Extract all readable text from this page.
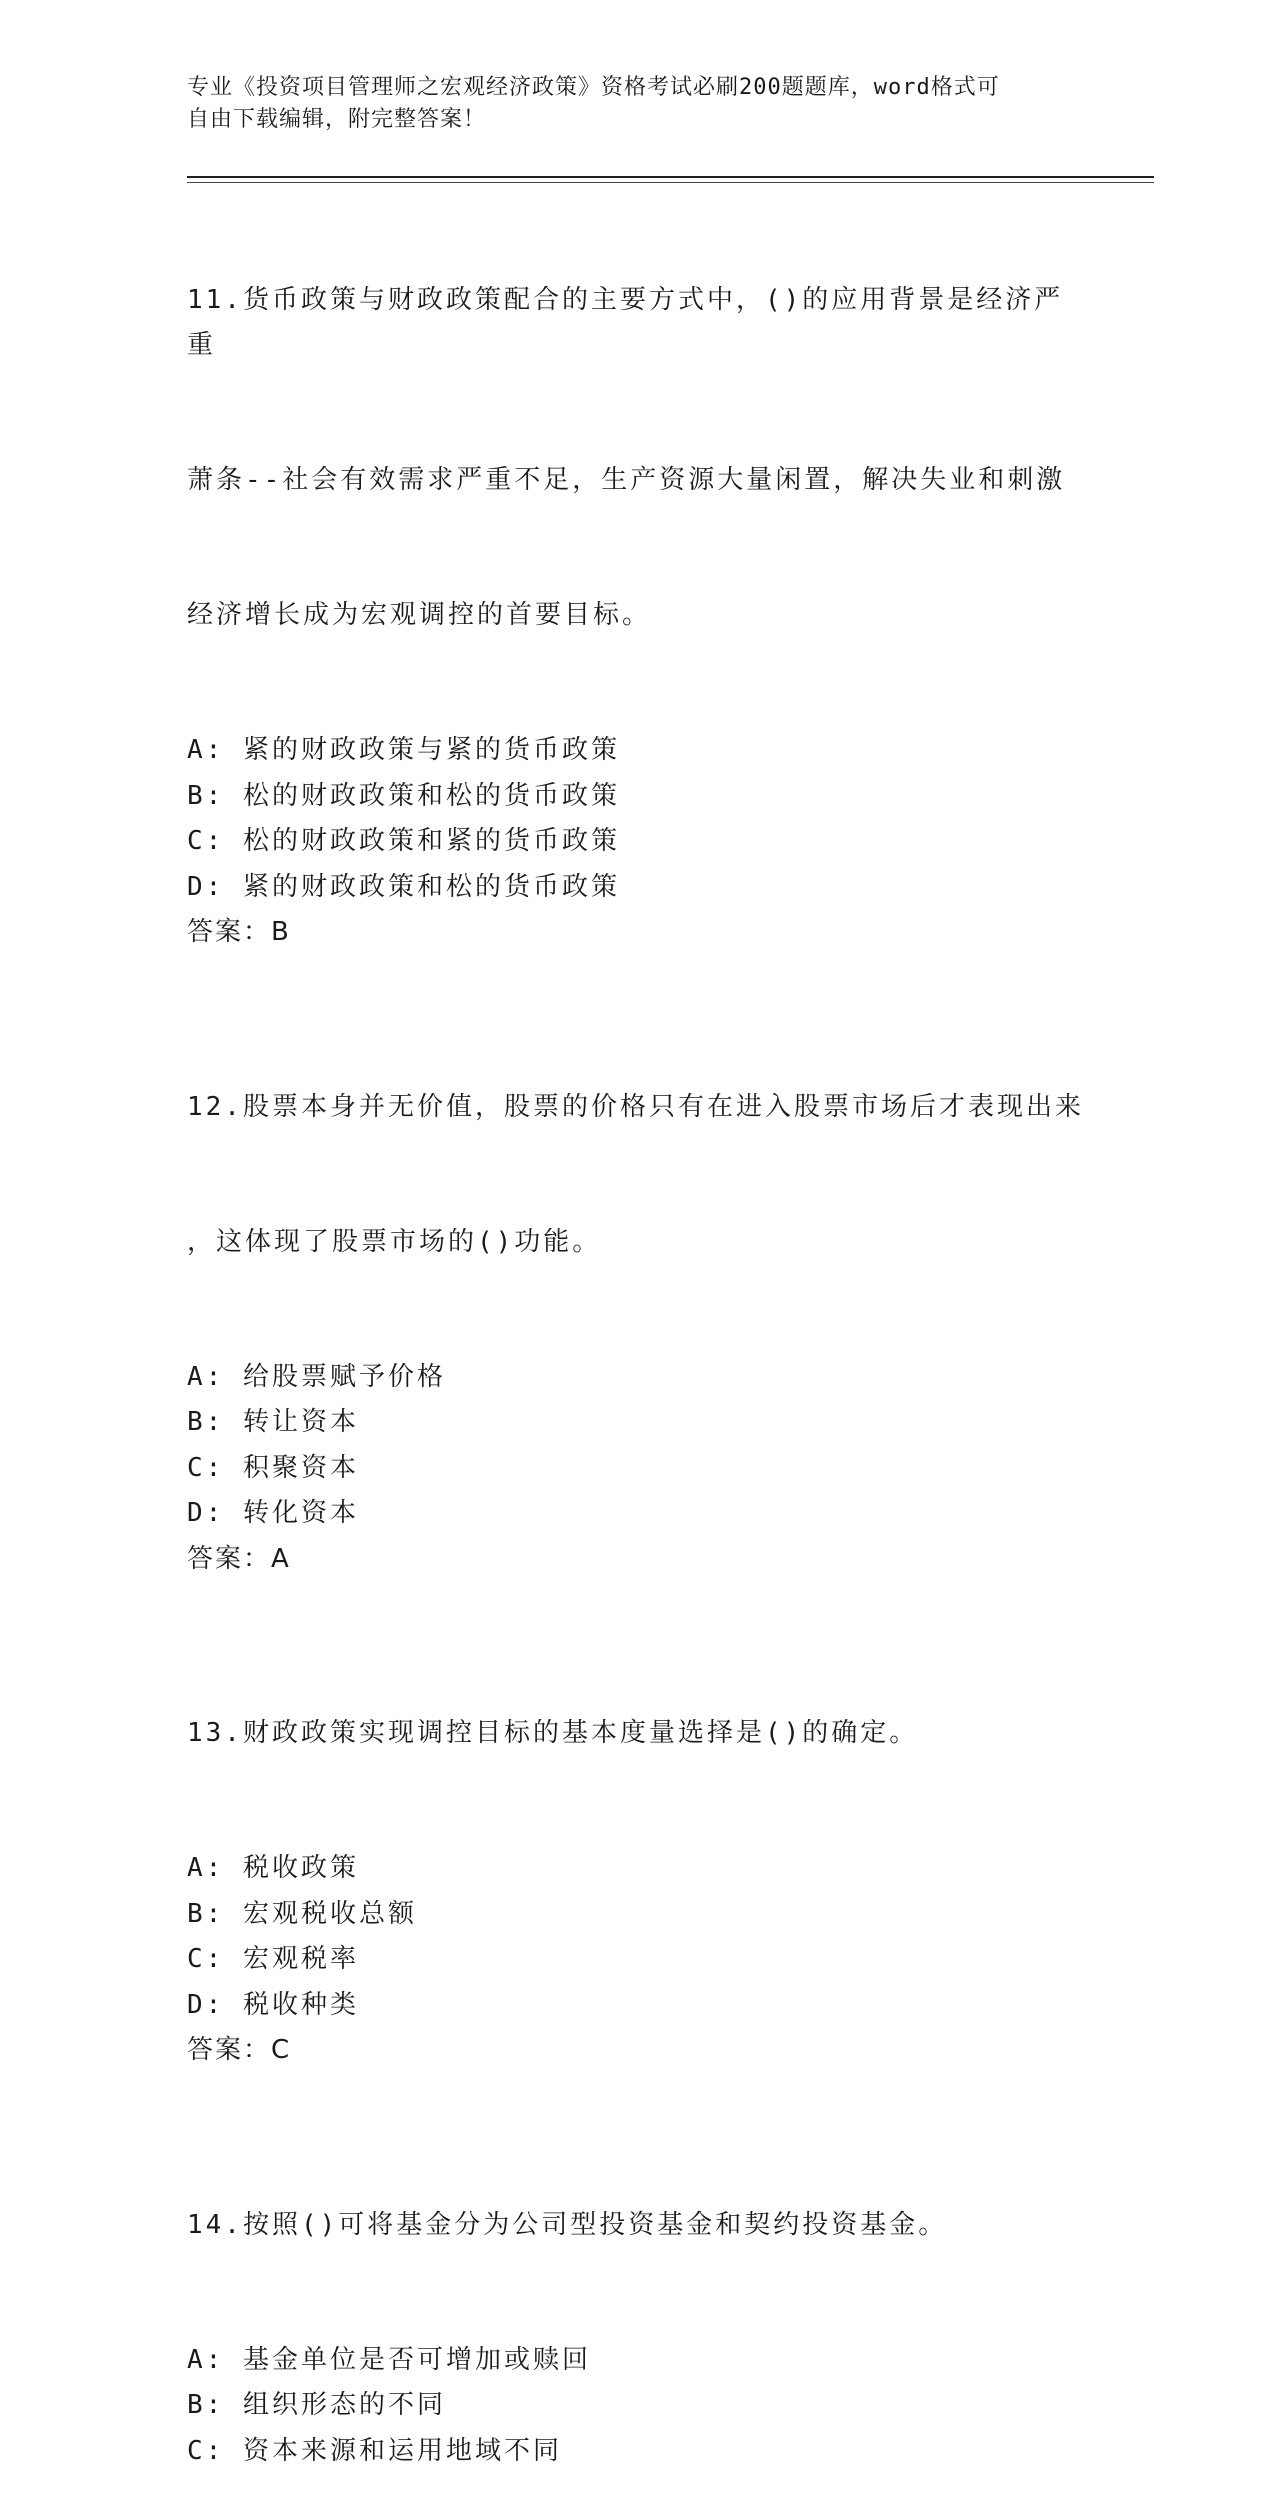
专业《投资项目管理师之宏观经济政策》资格考试必刷200题题库，word格式可
自由下载编辑，附完整答案！

11.货币政策与财政政策配合的主要方式中，()的应用背景是经济严重

萧条--社会有效需求严重不足，生产资源大量闲置，解决失业和刺激

经济增长成为宏观调控的首要目标。

A: 紧的财政政策与紧的货币政策
B: 松的财政政策和松的货币政策
C: 松的财政政策和紧的货币政策
D: 紧的财政政策和松的货币政策
答案：B

12.股票本身并无价值，股票的价格只有在进入股票市场后才表现出来

，这体现了股票市场的()功能。

A: 给股票赋予价格
B: 转让资本
C: 积聚资本
D: 转化资本
答案：A

13.财政政策实现调控目标的基本度量选择是()的确定。

A: 税收政策
B: 宏观税收总额
C: 宏观税率
D: 税收种类
答案：C

14.按照()可将基金分为公司型投资基金和契约投资基金。

A: 基金单位是否可增加或赎回
B: 组织形态的不同
C: 资本来源和运用地域不同
